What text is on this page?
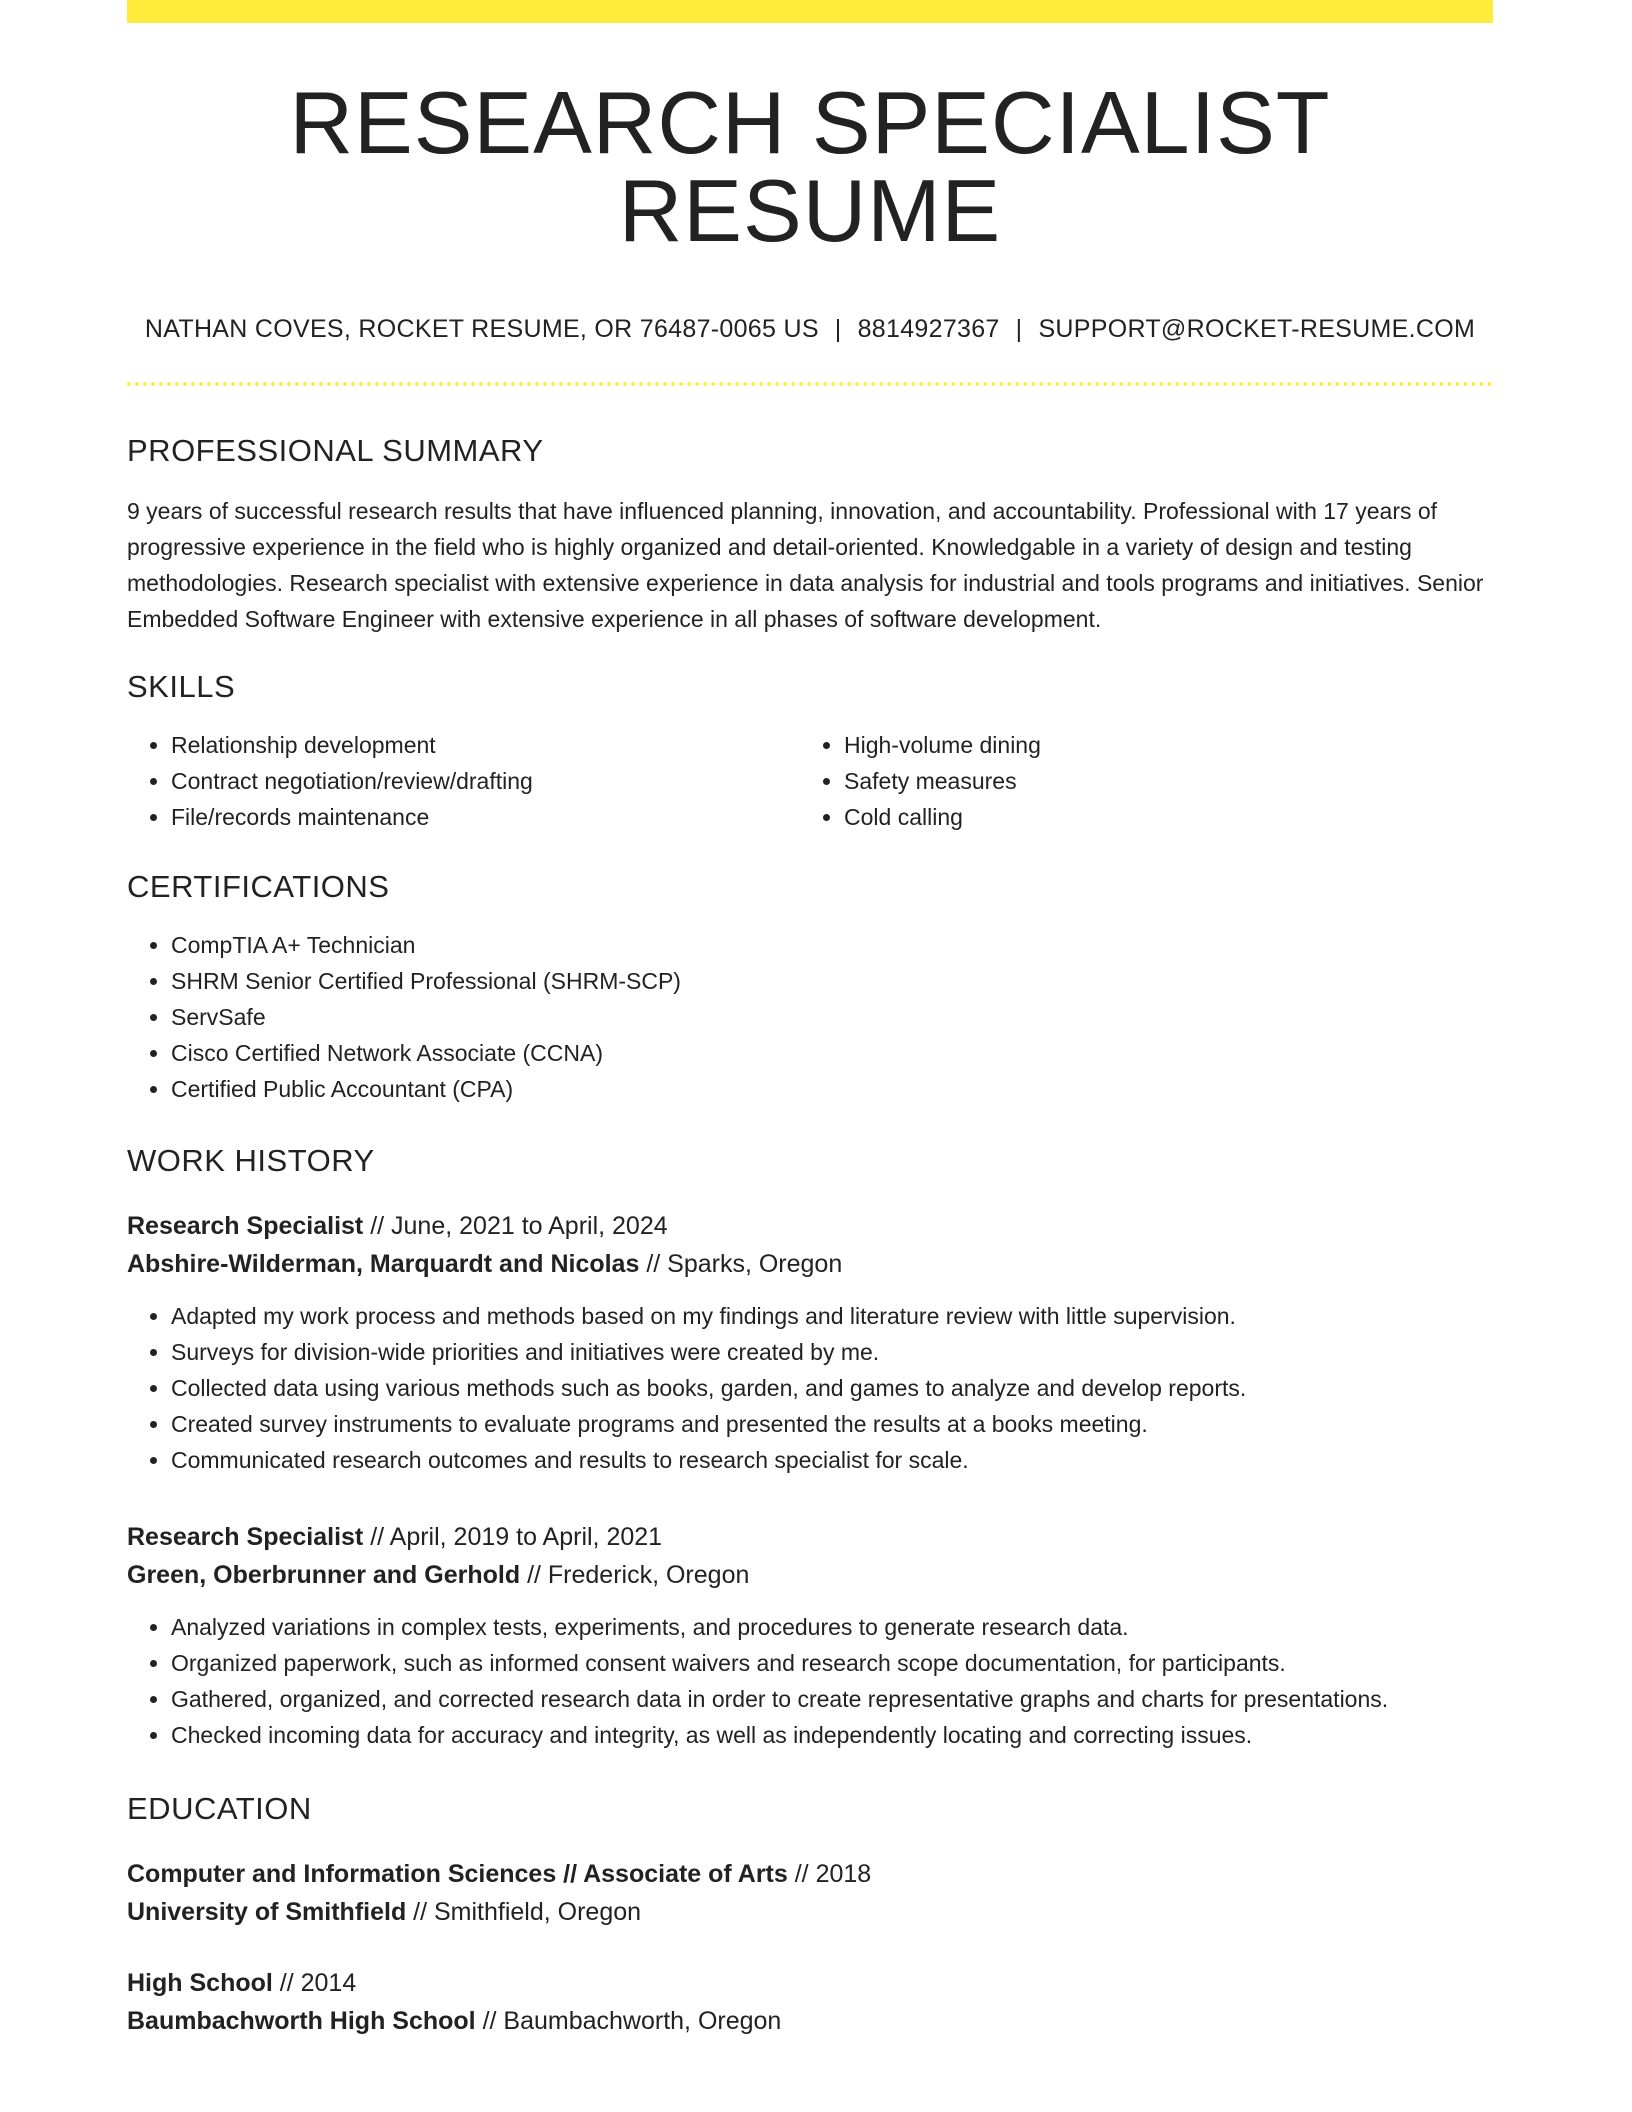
RESEARCH SPECIALIST RESUME
NATHAN COVES, ROCKET RESUME, OR 76487-0065 US | 8814927367 | SUPPORT@ROCKET-RESUME.COM
PROFESSIONAL SUMMARY
9 years of successful research results that have influenced planning, innovation, and accountability. Professional with 17 years of progressive experience in the field who is highly organized and detail-oriented. Knowledgable in a variety of design and testing methodologies. Research specialist with extensive experience in data analysis for industrial and tools programs and initiatives. Senior Embedded Software Engineer with extensive experience in all phases of software development.
SKILLS
• Relationship development
• Contract negotiation/review/drafting
• File/records maintenance
• High-volume dining
• Safety measures
• Cold calling
CERTIFICATIONS
• CompTIA A+ Technician
• SHRM Senior Certified Professional (SHRM-SCP)
• ServSafe
• Cisco Certified Network Associate (CCNA)
• Certified Public Accountant (CPA)
WORK HISTORY
Research Specialist // June, 2021 to April, 2024
Abshire-Wilderman, Marquardt and Nicolas // Sparks, Oregon
• Adapted my work process and methods based on my findings and literature review with little supervision.
• Surveys for division-wide priorities and initiatives were created by me.
• Collected data using various methods such as books, garden, and games to analyze and develop reports.
• Created survey instruments to evaluate programs and presented the results at a books meeting.
• Communicated research outcomes and results to research specialist for scale.
Research Specialist // April, 2019 to April, 2021
Green, Oberbrunner and Gerhold // Frederick, Oregon
• Analyzed variations in complex tests, experiments, and procedures to generate research data.
• Organized paperwork, such as informed consent waivers and research scope documentation, for participants.
• Gathered, organized, and corrected research data in order to create representative graphs and charts for presentations.
• Checked incoming data for accuracy and integrity, as well as independently locating and correcting issues.
EDUCATION
Computer and Information Sciences // Associate of Arts // 2018
University of Smithfield // Smithfield, Oregon
High School // 2014
Baumbachworth High School // Baumbachworth, Oregon
